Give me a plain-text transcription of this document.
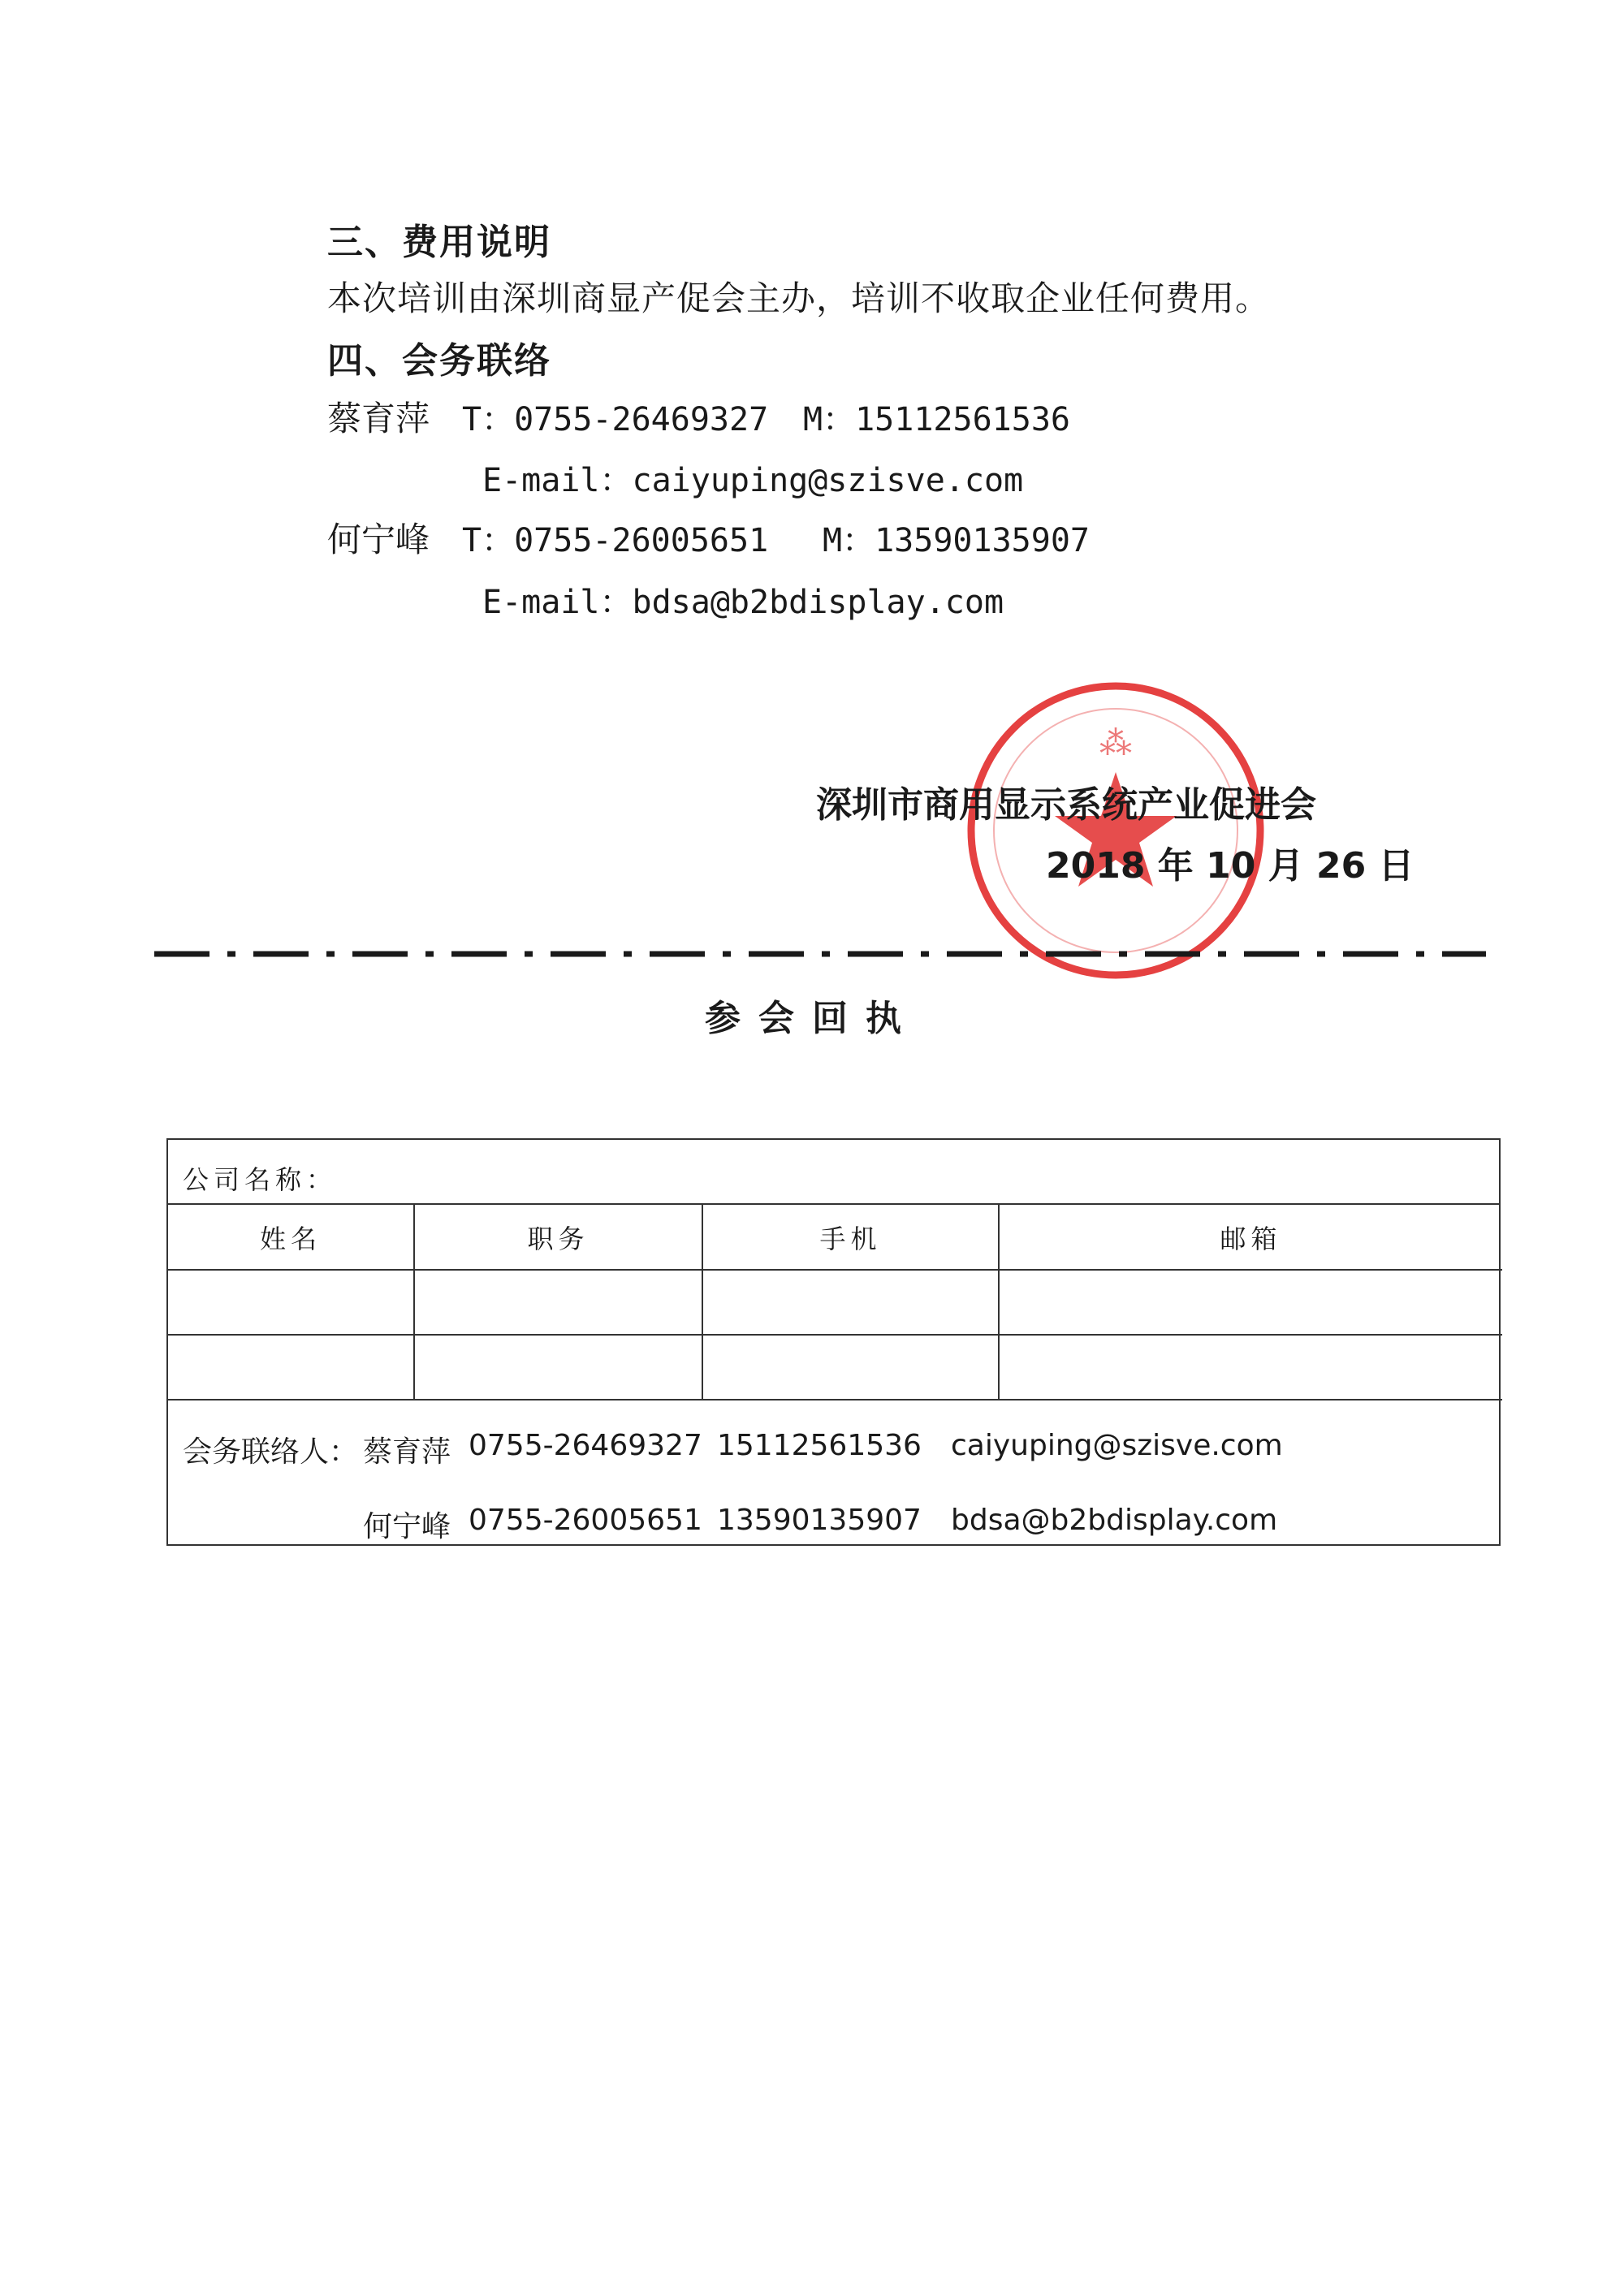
三、费用说明
本次培训由深圳商显产促会主办，培训不收取企业任何费用。
四、会务联络
蔡育萍 T：0755-26469327 M：15112561536
E-mail：caiyuping@szisve.com
何宁峰 T：0755-26005651 M：13590135907
E-mail：bdsa@b2bdisplay.com
⁂
深圳市商用显示系统产业促进会
2018 年 10 月 26 日
参会回执
公司名称：
姓名	职务	手机	邮箱

会务联络人： 蔡育萍 0755-26469327 15112561536 caiyuping@szisve.com
何宁峰 0755-26005651 13590135907 bdsa@b2bdisplay.com
